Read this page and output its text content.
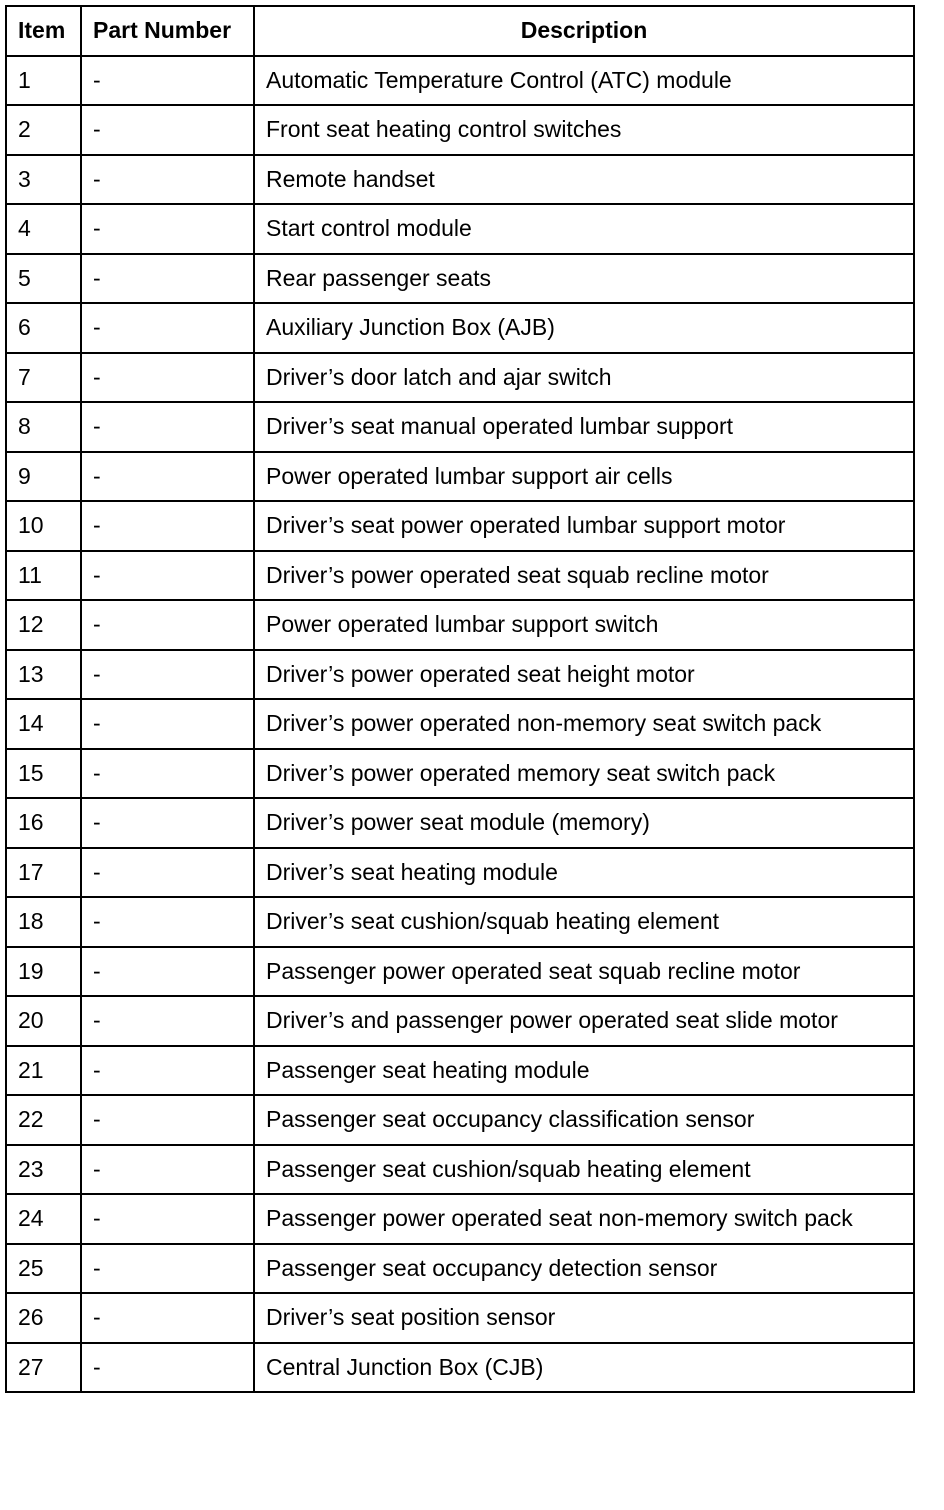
Item	Part Number	Description
1	-	Automatic Temperature Control (ATC) module
2	-	Front seat heating control switches
3	-	Remote handset
4	-	Start control module
5	-	Rear passenger seats
6	-	Auxiliary Junction Box (AJB)
7	-	Driver’s door latch and ajar switch
8	-	Driver’s seat manual operated lumbar support
9	-	Power operated lumbar support air cells
10	-	Driver’s seat power operated lumbar support motor
11	-	Driver’s power operated seat squab recline motor
12	-	Power operated lumbar support switch
13	-	Driver’s power operated seat height motor
14	-	Driver’s power operated non-memory seat switch pack
15	-	Driver’s power operated memory seat switch pack
16	-	Driver’s power seat module (memory)
17	-	Driver’s seat heating module
18	-	Driver’s seat cushion/squab heating element
19	-	Passenger power operated seat squab recline motor
20	-	Driver’s and passenger power operated seat slide motor
21	-	Passenger seat heating module
22	-	Passenger seat occupancy classification sensor
23	-	Passenger seat cushion/squab heating element
24	-	Passenger power operated seat non-memory switch pack
25	-	Passenger seat occupancy detection sensor
26	-	Driver’s seat position sensor
27	-	Central Junction Box (CJB)
